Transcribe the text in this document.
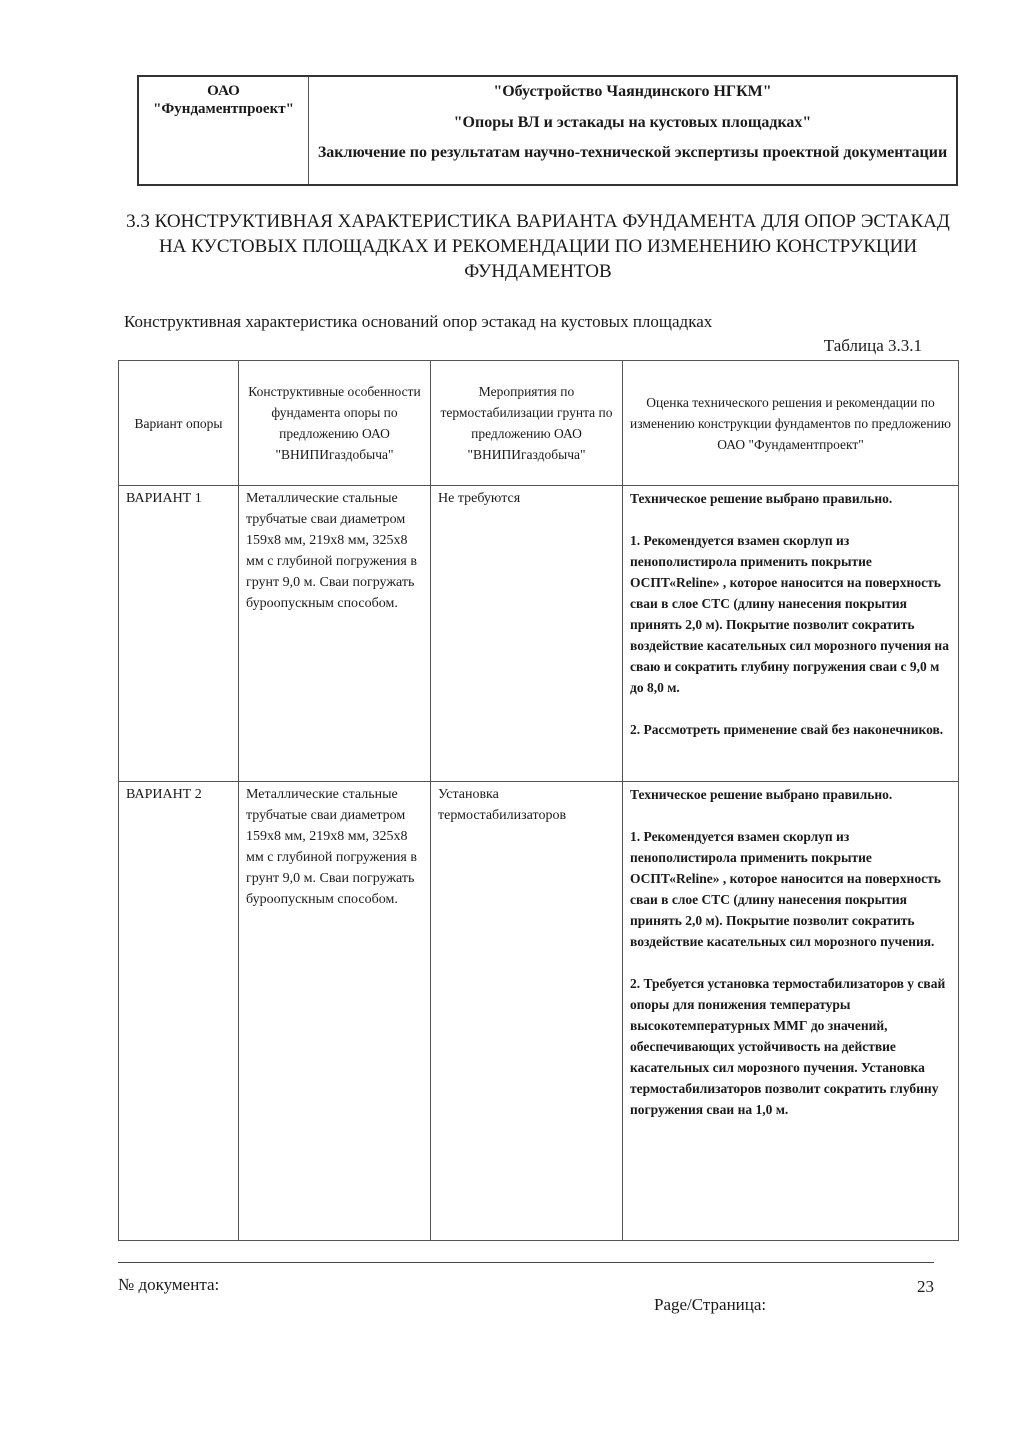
ОАО
"Фундаментпроект"
"Обустройство Чаяндинского НГКМ"
"Опоры ВЛ и эстакады на кустовых площадках"
Заключение по результатам научно-технической экспертизы проектной документации
3.3 КОНСТРУКТИВНАЯ ХАРАКТЕРИСТИКА ВАРИАНТА ФУНДАМЕНТА ДЛЯ ОПОР ЭСТАКАД НА КУСТОВЫХ ПЛОЩАДКАХ И РЕКОМЕНДАЦИИ ПО ИЗМЕНЕНИЮ КОНСТРУКЦИИ ФУНДАМЕНТОВ
Конструктивная характеристика оснований опор эстакад на кустовых площадках
Таблица 3.3.1
Вариант опоры	Конструктивные особенности фундамента опоры по предложению ОАО "ВНИПИгаздобыча"	Мероприятия по термостабилизации грунта по предложению ОАО "ВНИПИгаздобыча"	Оценка технического решения и рекомендации по изменению конструкции фундаментов по предложению ОАО "Фундаментпроект"
ВАРИАНТ 1	Металлические стальные трубчатые сваи диаметром 159х8 мм, 219х8 мм, 325х8 мм с глубиной погружения в грунт 9,0 м. Сваи погружать буроопускным способом.	Не требуются	Техническое решение выбрано правильно.
1. Рекомендуется взамен скорлуп из пенополистирола применить покрытие ОСПТ«Reline» , которое наносится на поверхность сваи в слое СТС (длину нанесения покрытия принять 2,0 м). Покрытие позволит сократить воздействие касательных сил морозного пучения на сваю и сократить глубину погружения сваи с 9,0 м до 8,0 м.
2. Рассмотреть применение свай без наконечников.

ВАРИАНТ 2	Металлические стальные трубчатые сваи диаметром 159х8 мм, 219х8 мм, 325х8 мм с глубиной погружения в грунт 9,0 м. Сваи погружать буроопускным способом.	Установка термостабилизаторов	Техническое решение выбрано правильно.
1. Рекомендуется взамен скорлуп из пенополистирола применить покрытие ОСПТ«Reline» , которое наносится на поверхность сваи в слое СТС (длину нанесения покрытия принять 2,0 м). Покрытие позволит сократить воздействие касательных сил морозного пучения.
2. Требуется установка термостабилизаторов у свай опоры для понижения температуры высокотемпературных ММГ до значений, обеспечивающих устойчивость на действие касательных сил морозного пучения. Установка термостабилизаторов позволит сократить глубину погружения сваи на 1,0 м.
№ документа:
Page/Страница:
23
